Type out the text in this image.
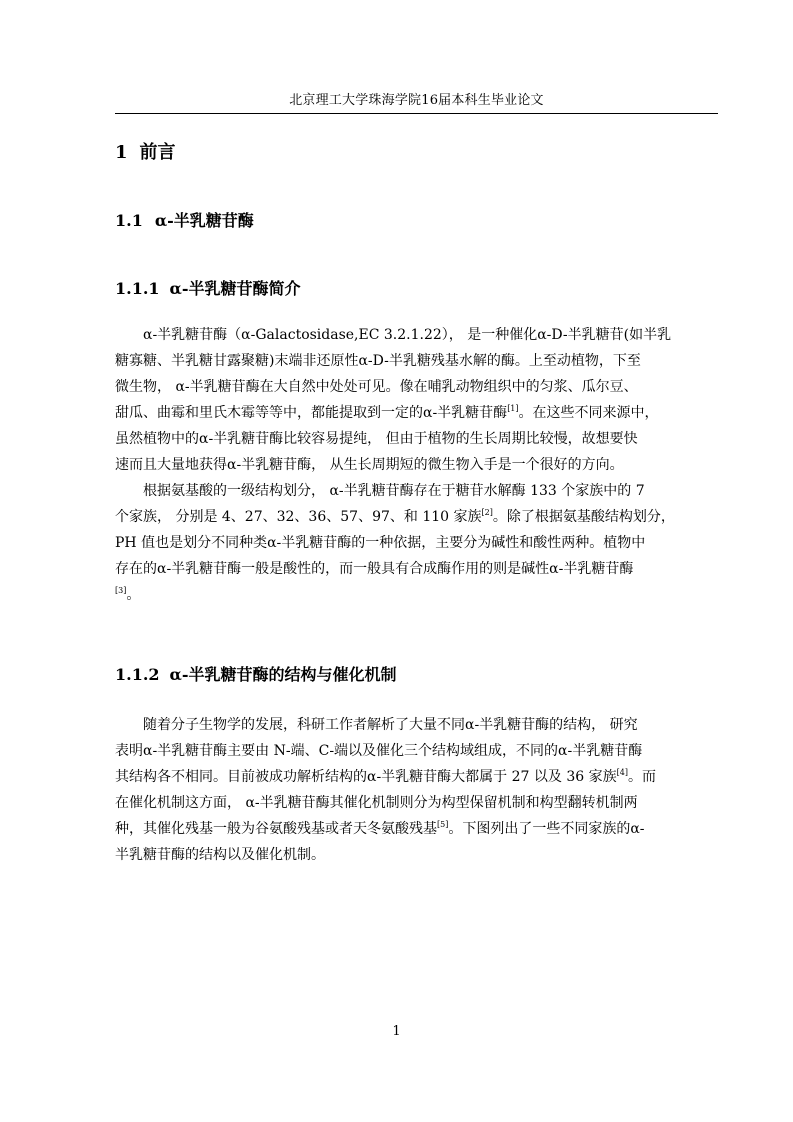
北京理工大学珠海学院16届本科生毕业论文
1 前言
1.1 α-半乳糖苷酶
1.1.1 α-半乳糖苷酶简介
α-半乳糖苷酶（α-Galactosidase,EC 3.2.1.22）， 是一种催化α-D-半乳糖苷(如半乳
糖寡糖、半乳糖甘露聚糖)末端非还原性α-D-半乳糖残基水解的酶。上至动植物，下至
微生物， α-半乳糖苷酶在大自然中处处可见。像在哺乳动物组织中的匀浆、瓜尔豆、
甜瓜、曲霉和里氏木霉等等中，都能提取到一定的α-半乳糖苷酶[1]。在这些不同来源中，
虽然植物中的α-半乳糖苷酶比较容易提纯， 但由于植物的生长周期比较慢，故想要快
速而且大量地获得α-半乳糖苷酶， 从生长周期短的微生物入手是一个很好的方向。
根据氨基酸的一级结构划分， α-半乳糖苷酶存在于糖苷水解酶 133 个家族中的 7
个家族， 分别是 4、27、32、36、57、97、和 110 家族[2]。除了根据氨基酸结构划分，
PH 值也是划分不同种类α-半乳糖苷酶的一种依据，主要分为碱性和酸性两种。植物中
存在的α-半乳糖苷酶一般是酸性的，而一般具有合成酶作用的则是碱性α-半乳糖苷酶
[3]。
1.1.2 α-半乳糖苷酶的结构与催化机制
随着分子生物学的发展，科研工作者解析了大量不同α-半乳糖苷酶的结构， 研究
表明α-半乳糖苷酶主要由 N-端、C-端以及催化三个结构域组成，不同的α-半乳糖苷酶
其结构各不相同。目前被成功解析结构的α-半乳糖苷酶大都属于 27 以及 36 家族[4]。而
在催化机制这方面， α-半乳糖苷酶其催化机制则分为构型保留机制和构型翻转机制两
种，其催化残基一般为谷氨酸残基或者天冬氨酸残基[5]。下图列出了一些不同家族的α-
半乳糖苷酶的结构以及催化机制。
1
